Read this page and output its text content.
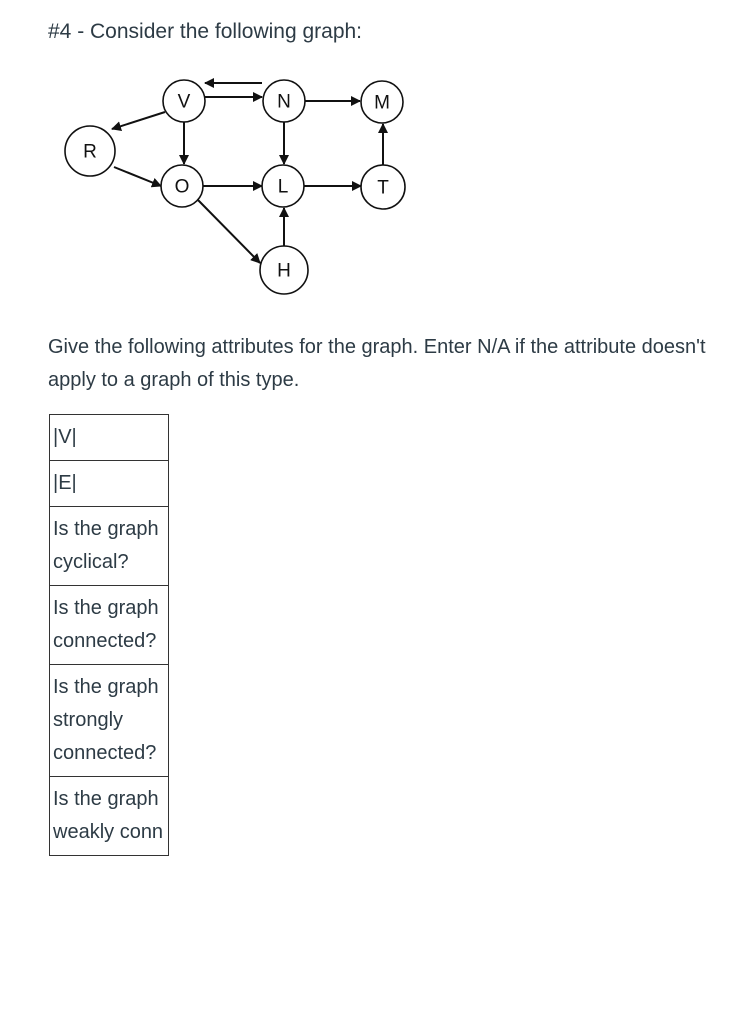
#4 - Consider the following graph:
V	N	M
R
O	L	T
H

Give the following attributes for the graph. Enter N/A if the attribute doesn't apply to a graph of this type.

|V|
|E|
Is the graph cyclical?
Is the graph connected?
Is the graph strongly connected?
Is the graph weakly conn
